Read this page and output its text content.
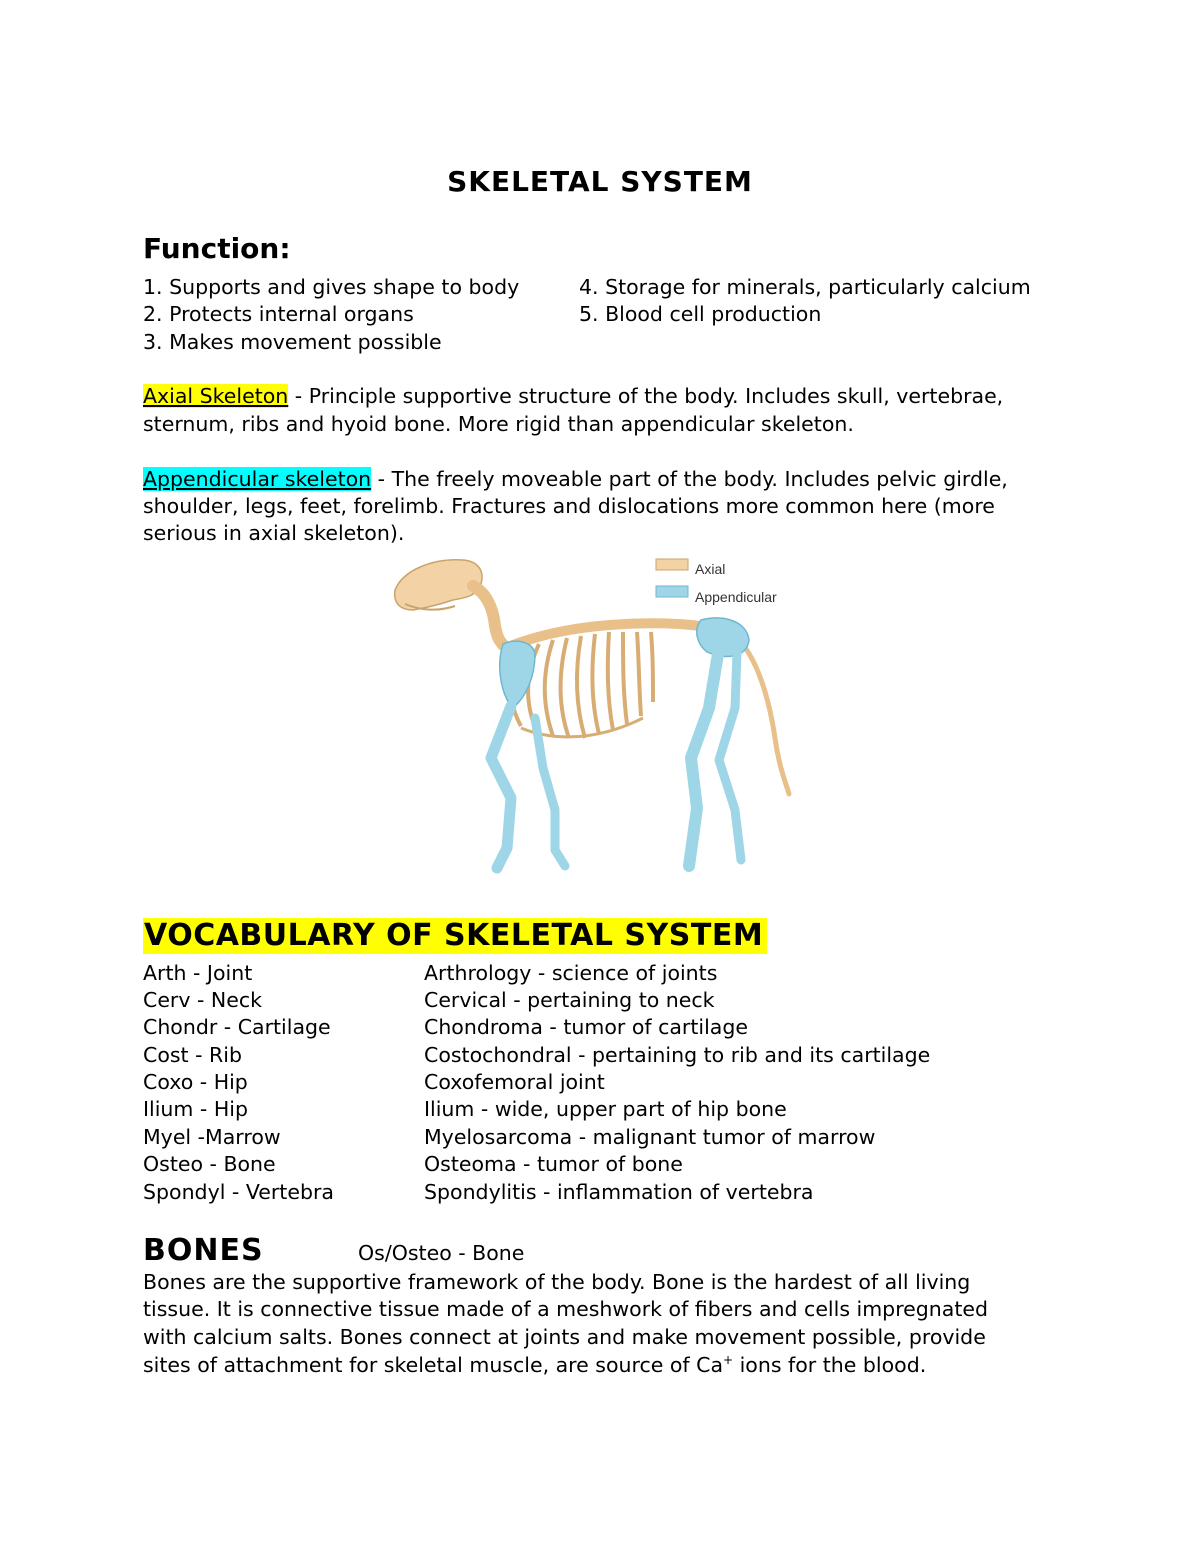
SKELETAL SYSTEM
Function:
1. Supports and gives shape to body
2. Protects internal organs
3. Makes movement possible
4. Storage for minerals, particularly calcium
5. Blood cell production
Axial Skeleton - Principle supportive structure of the body. Includes skull, vertebrae,
sternum, ribs and hyoid bone. More rigid than appendicular skeleton.
Appendicular skeleton - The freely moveable part of the body. Includes pelvic girdle,
shoulder, legs, feet, forelimb. Fractures and dislocations more common here (more
serious in axial skeleton).
Axial
Appendicular
VOCABULARY OF SKELETAL SYSTEM
Arth - Joint
Cerv - Neck
Chondr - Cartilage
Cost - Rib
Coxo - Hip
Ilium - Hip
Myel -Marrow
Osteo - Bone
Spondyl - Vertebra
Arthrology - science of joints
Cervical - pertaining to neck
Chondroma - tumor of cartilage
Costochondral - pertaining to rib and its cartilage
Coxofemoral joint
Ilium - wide, upper part of hip bone
Myelosarcoma - malignant tumor of marrow
Osteoma - tumor of bone
Spondylitis - inflammation of vertebra
BONES	Os/Osteo - Bone
Bones are the supportive framework of the body. Bone is the hardest of all living
tissue. It is connective tissue made of a meshwork of fibers and cells impregnated
with calcium salts. Bones connect at joints and make movement possible, provide
sites of attachment for skeletal muscle, are source of Ca+ ions for the blood.
